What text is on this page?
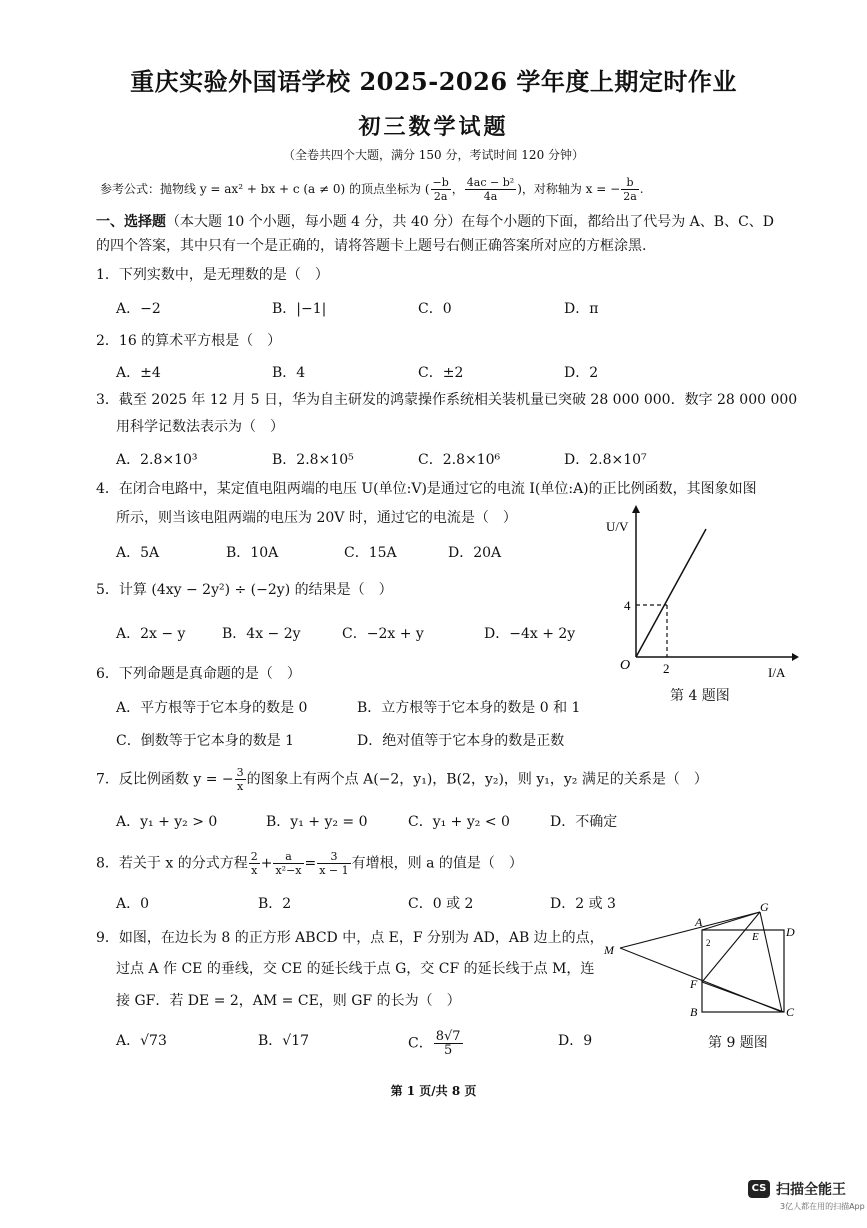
重庆实验外国语学校 2025-2026 学年度上期定时作业
初三数学试题
（全卷共四个大题，满分 150 分，考试时间 120 分钟）
参考公式：抛物线 y = ax² + bx + c (a ≠ 0) 的顶点坐标为 ( $\frac{-b}{2a}$ ， $\frac{\text{4ac − b²}}{4a}$ )，对称轴为 x = − $\frac{b}{2a}$ .
一、选择题（本大题 10 个小题，每小题 4 分，共 40 分）在每个小题的下面，都给出了代号为 A、B、C、D 的四个答案，其中只有一个是正确的，请将答题卡上题号右侧正确答案所对应的方框涂黑.
1．下列实数中，是无理数的是（　）
A．−2	B．|−1|	C．0	D．π
2．16 的算术平方根是（　）
A．±4	B．4	C．±2	D．2
3．截至 2025 年 12 月 5 日，华为自主研发的鸿蒙操作系统相关装机量已突破 28 000 000．数字 28 000 000
用科学记数法表示为（　）
A．2.8×10³	B．2.8×10⁵	C．2.8×10⁶	D．2.8×10⁷
4．在闭合电路中，某定值电阻两端的电压 U(单位:V)是通过它的电流 I(单位:A)的正比例函数，其图象如图
所示，则当该电阻两端的电压为 20V 时，通过它的电流是（　）
A．5A	B．10A	C．15A	D．20A
U/V
I/A
O
4
2
第 4 题图
5．计算 (4xy − 2y²) ÷ (−2y) 的结果是（　）
A．2x − y	B．4x − 2y	C．−2x + y	D．−4x + 2y
6．下列命题是真命题的是（　）
A．平方根等于它本身的数是 0	B．立方根等于它本身的数是 0 和 1
C．倒数等于它本身的数是 1	D．绝对值等于它本身的数是正数
7．反比例函数 y = − $\frac{3}{x}$ 的图象上有两个点 A(−2，y₁)，B(2，y₂)，则 y₁，y₂ 满足的关系是（　）
A．y₁ + y₂ > 0	B．y₁ + y₂ = 0	C．y₁ + y₂ < 0	D．不确定
8．若关于 x 的分式方程 $\frac{2}{x} + \frac{a}{\text{x²−x}} = \frac{3}{x - 1}$ 有增根，则 a 的值是（　）
A．0	B．2	C．0 或 2	D．2 或 3
9．如图，在边长为 8 的正方形 ABCD 中，点 E，F 分别为 AD，AB 边上的点，
过点 A 作 CE 的垂线，交 CE 的延长线于点 G，交 CF 的延长线于点 M，连
接 GF．若 DE = 2，AM = CE，则 GF 的长为（　）
A．√73	B．√17	C． $\frac{8√7}{5}$	D．9
A
G
E D
M
F
B	C
2
第 9 题图
第 1 页/共 8 页
CS 扫描全能王
3亿人都在用的扫描App
